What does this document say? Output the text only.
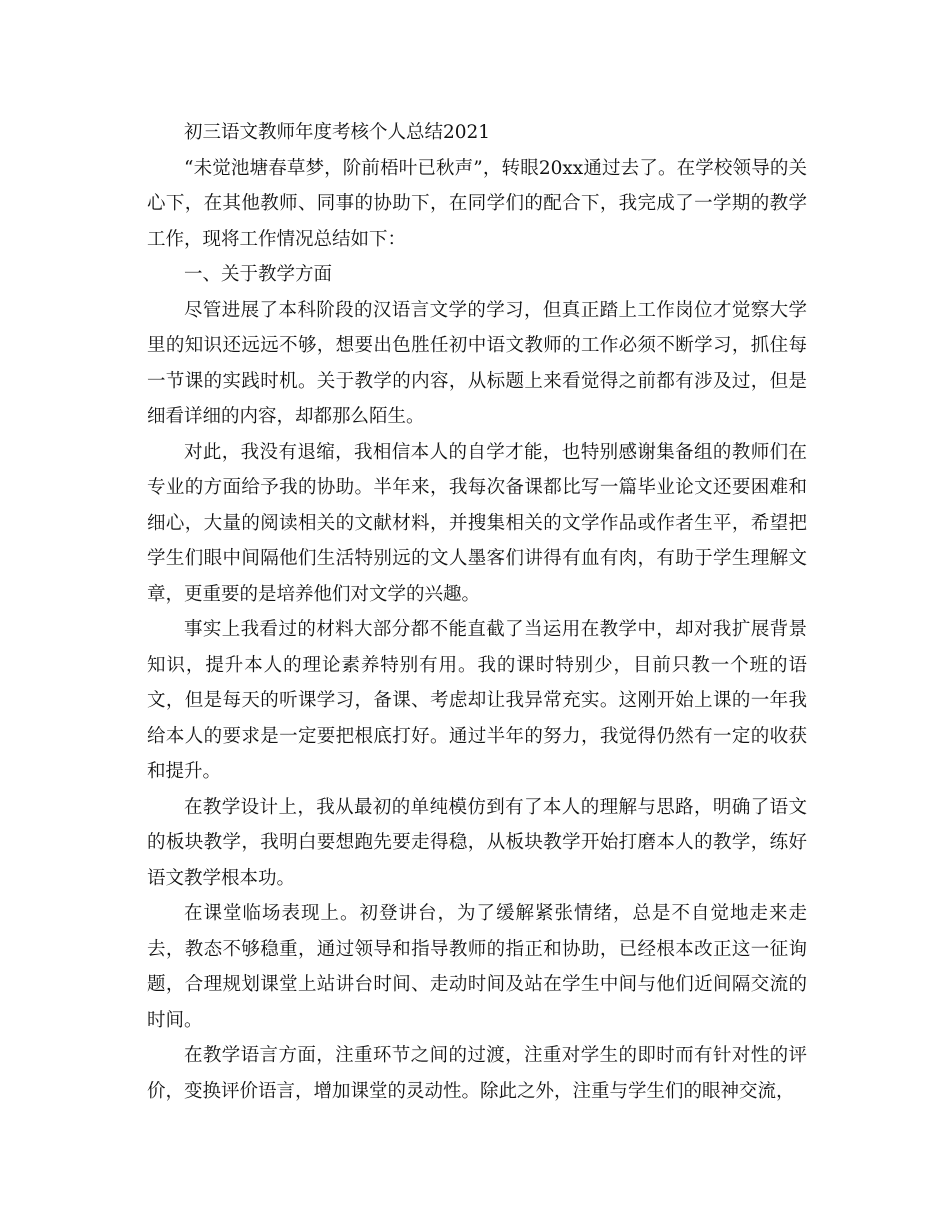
初三语文教师年度考核个人总结2021

“未觉池塘春草梦，阶前梧叶已秋声”，转眼20xx通过去了。在学校领导的关心下，在其他教师、同事的协助下，在同学们的配合下，我完成了一学期的教学工作，现将工作情况总结如下：

一、关于教学方面

尽管进展了本科阶段的汉语言文学的学习，但真正踏上工作岗位才觉察大学里的知识还远远不够，想要出色胜任初中语文教师的工作必须不断学习，抓住每一节课的实践时机。关于教学的内容，从标题上来看觉得之前都有涉及过，但是细看详细的内容，却都那么陌生。

对此，我没有退缩，我相信本人的自学才能，也特别感谢集备组的教师们在专业的方面给予我的协助。半年来，我每次备课都比写一篇毕业论文还要困难和细心，大量的阅读相关的文献材料，并搜集相关的文学作品或作者生平，希望把学生们眼中间隔他们生活特别远的文人墨客们讲得有血有肉，有助于学生理解文章，更重要的是培养他们对文学的兴趣。

事实上我看过的材料大部分都不能直截了当运用在教学中，却对我扩展背景知识，提升本人的理论素养特别有用。我的课时特别少，目前只教一个班的语文，但是每天的听课学习，备课、考虑却让我异常充实。这刚开始上课的一年我给本人的要求是一定要把根底打好。通过半年的努力，我觉得仍然有一定的收获和提升。

在教学设计上，我从最初的单纯模仿到有了本人的理解与思路，明确了语文的板块教学，我明白要想跑先要走得稳，从板块教学开始打磨本人的教学，练好语文教学根本功。

在课堂临场表现上。初登讲台，为了缓解紧张情绪，总是不自觉地走来走去，教态不够稳重，通过领导和指导教师的指正和协助，已经根本改正这一征询题，合理规划课堂上站讲台时间、走动时间及站在学生中间与他们近间隔交流的时间。

在教学语言方面，注重环节之间的过渡，注重对学生的即时而有针对性的评价，变换评价语言，增加课堂的灵动性。除此之外，注重与学生们的眼神交流，
